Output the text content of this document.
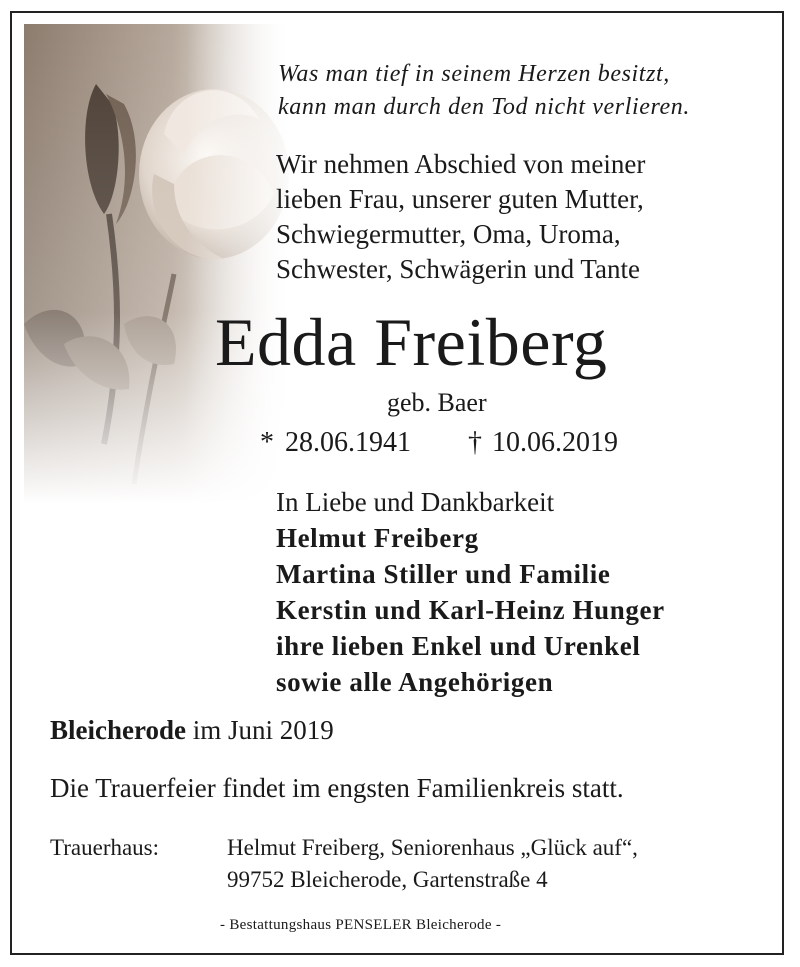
Was man tief in seinem Herzen besitzt,

kann man durch den Tod nicht verlieren.

Wir nehmen Abschied von meiner

lieben Frau, unserer guten Mutter,

Schwiegermutter, Oma, Uroma,

Schwester, Schwägerin und Tante

Edda Freiberg

geb. Baer

* 28.06.1941 † 10.06.2019

In Liebe und Dankbarkeit

Helmut Freiberg

Martina Stiller und Familie

Kerstin und Karl-Heinz Hunger

ihre lieben Enkel und Urenkel

sowie alle Angehörigen

Bleicherode im Juni 2019

Die Trauerfeier findet im engsten Familienkreis statt.

Trauerhaus:	Helmut Freiberg, Seniorenhaus „Glück auf“,

99752 Bleicherode, Gartenstraße 4

- Bestattungshaus PENSELER Bleicherode -
